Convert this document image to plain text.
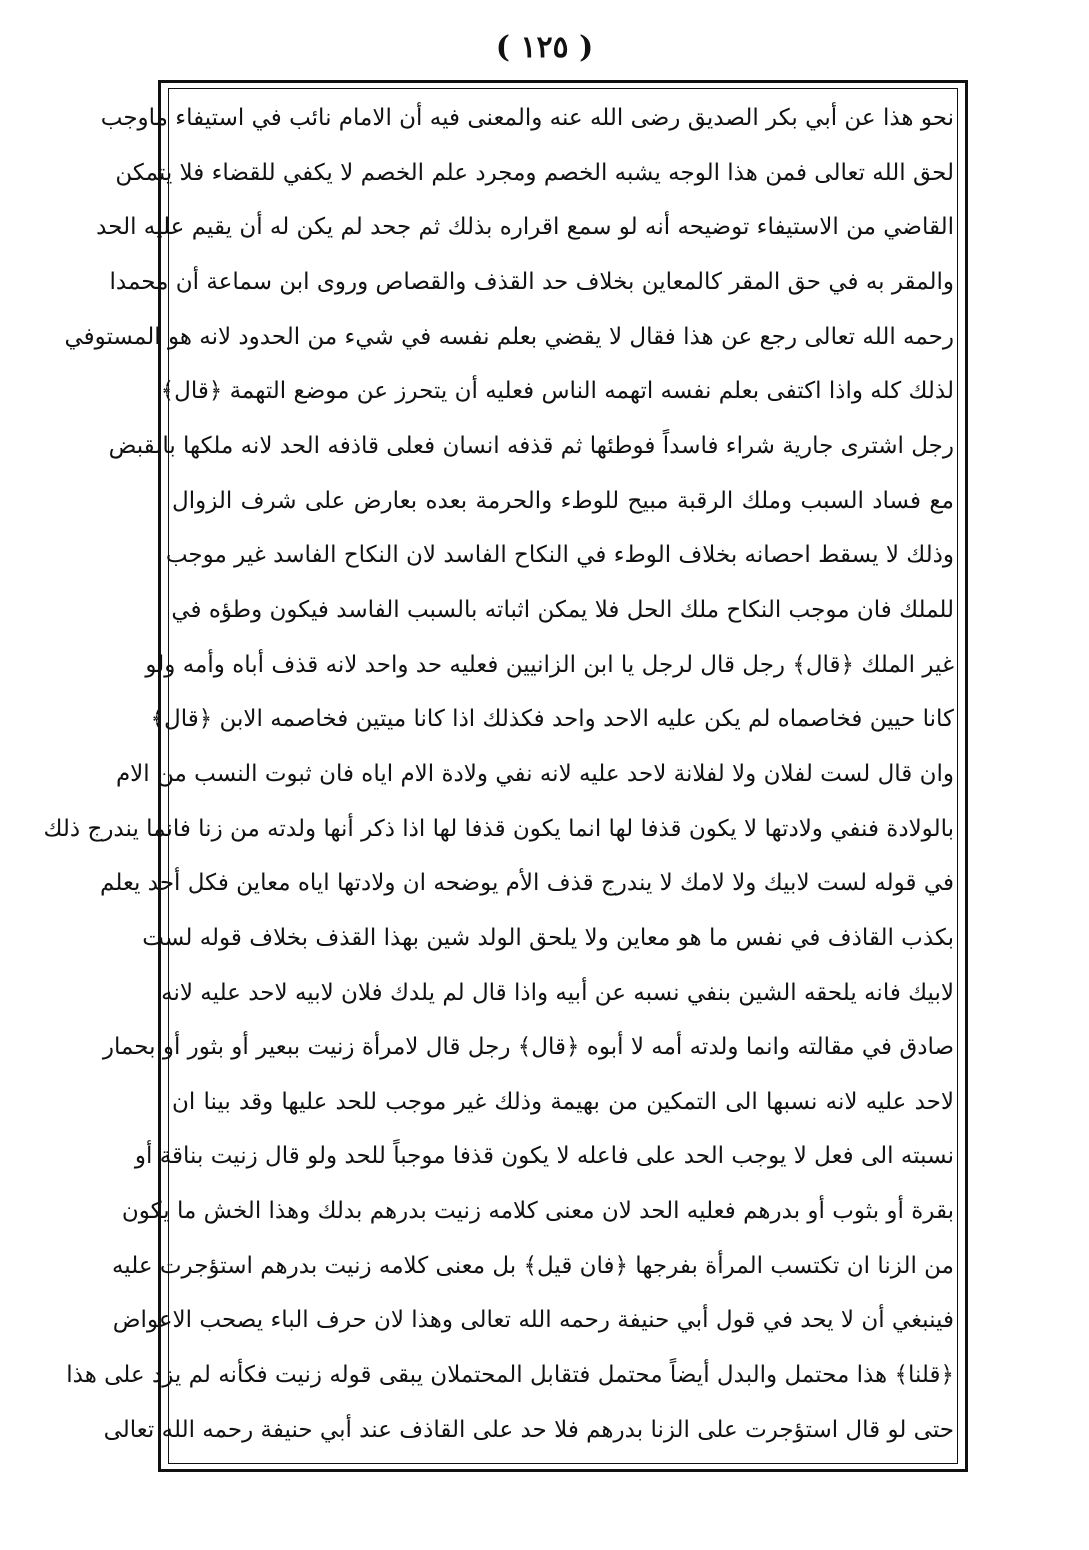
( ١٢٥ )
نحو هذا عن أبي بكر الصديق رضى الله عنه والمعنى فيه أن الامام نائب في استيفاء ماوجب
لحق الله تعالى فمن هذا الوجه يشبه الخصم ومجرد علم الخصم لا يكفي للقضاء فلا يتمكن
القاضي من الاستيفاء توضيحه أنه لو سمع اقراره بذلك ثم جحد لم يكن له أن يقيم عليه الحد
والمقر به في حق المقر كالمعاين بخلاف حد القذف والقصاص وروى ابن سماعة أن محمدا
رحمه الله تعالى رجع عن هذا فقال لا يقضي بعلم نفسه في شيء من الحدود لانه هو المستوفي
لذلك كله واذا اكتفى بعلم نفسه اتهمه الناس فعليه أن يتحرز عن موضع التهمة ﴿قال﴾
رجل اشترى جارية شراء فاسداً فوطئها ثم قذفه انسان فعلى قاذفه الحد لانه ملكها بالقبض
مع فساد السبب وملك الرقبة مبيح للوطء والحرمة بعده بعارض على شرف الزوال
وذلك لا يسقط احصانه بخلاف الوطء في النكاح الفاسد لان النكاح الفاسد غير موجب
للملك فان موجب النكاح ملك الحل فلا يمكن اثباته بالسبب الفاسد فيكون وطؤه في
غير الملك ﴿قال﴾ رجل قال لرجل يا ابن الزانيين فعليه حد واحد لانه قذف أباه وأمه ولو
كانا حيين فخاصماه لم يكن عليه الاحد واحد فكذلك اذا كانا ميتين فخاصمه الابن ﴿قال﴾
وان قال لست لفلان ولا لفلانة لاحد عليه لانه نفي ولادة الام اياه فان ثبوت النسب من الام
بالولادة فنفي ولادتها لا يكون قذفا لها انما يكون قذفا لها اذا ذكر أنها ولدته من زنا فانما يندرج ذلك
في قوله لست لابيك ولا لامك لا يندرج قذف الأم يوضحه ان ولادتها اياه معاين فكل أحد يعلم
بكذب القاذف في نفس ما هو معاين ولا يلحق الولد شين بهذا القذف بخلاف قوله لست
لابيك فانه يلحقه الشين بنفي نسبه عن أبيه واذا قال لم يلدك فلان لابيه لاحد عليه لانه
صادق في مقالته وانما ولدته أمه لا أبوه ﴿قال﴾ رجل قال لامرأة زنيت ببعير أو بثور أو بحمار
لاحد عليه لانه نسبها الى التمكين من بهيمة وذلك غير موجب للحد عليها وقد بينا ان
نسبته الى فعل لا يوجب الحد على فاعله لا يكون قذفا موجباً للحد ولو قال زنيت بناقة أو
بقرة أو بثوب أو بدرهم فعليه الحد لان معنى كلامه زنيت بدرهم بدلك وهذا الخش ما يكون
من الزنا ان تكتسب المرأة بفرجها ﴿فان قيل﴾ بل معنى كلامه زنيت بدرهم استؤجرت عليه
فينبغي أن لا يحد في قول أبي حنيفة رحمه الله تعالى وهذا لان حرف الباء يصحب الاعواض
﴿قلنا﴾ هذا محتمل والبدل أيضاً محتمل فتقابل المحتملان يبقى قوله زنيت فكأنه لم يزد على هذا
حتى لو قال استؤجرت على الزنا بدرهم فلا حد على القاذف عند أبي حنيفة رحمه الله تعالى
